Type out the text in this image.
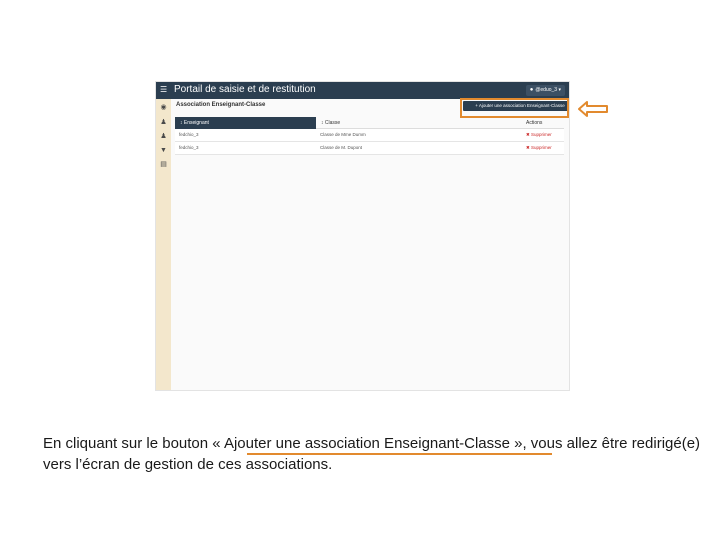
☰ Portail de saisie et de restitution	● @eduo_3 ▾
◉
♟
♟
▼
▤
Association Enseignant-Classe	+ Ajouter une association Enseignant-Classe
↕ Enseignant	↕ Classe	Actions
fedchio_3	Classe de Mme Dumm	✖ Supprimer
fedchio_3	Classe de M. Dupont	✖ Supprimer
En cliquant sur le bouton « Ajouter une association Enseignant-Classe », vous allez être redirigé(e) vers l’écran de gestion de ces associations.
